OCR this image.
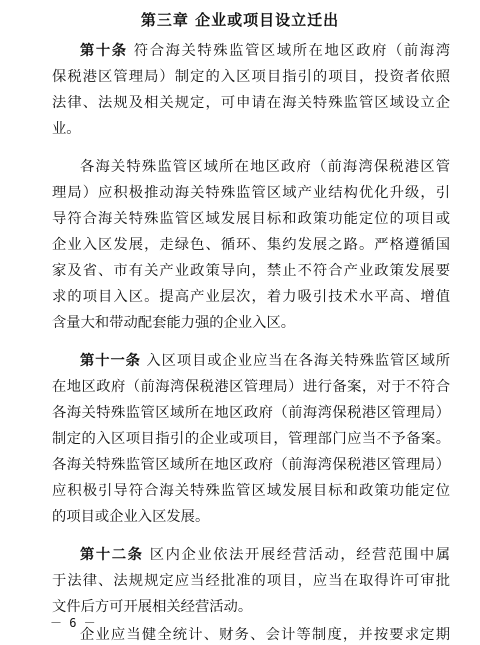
第三章 企业或项目设立迁出
第十条 符合海关特殊监管区域所在地区政府（前海湾
保税港区管理局）制定的入区项目指引的项目，投资者依照
法律、法规及相关规定，可申请在海关特殊监管区域设立企
业。
各海关特殊监管区域所在地区政府（前海湾保税港区管
理局）应积极推动海关特殊监管区域产业结构优化升级，引
导符合海关特殊监管区域发展目标和政策功能定位的项目或
企业入区发展，走绿色、循环、集约发展之路。严格遵循国
家及省、市有关产业政策导向，禁止不符合产业政策发展要
求的项目入区。提高产业层次，着力吸引技术水平高、增值
含量大和带动配套能力强的企业入区。
第十一条 入区项目或企业应当在各海关特殊监管区域所
在地区政府（前海湾保税港区管理局）进行备案，对于不符合
各海关特殊监管区域所在地区政府（前海湾保税港区管理局）
制定的入区项目指引的企业或项目，管理部门应当不予备案。
各海关特殊监管区域所在地区政府（前海湾保税港区管理局）
应积极引导符合海关特殊监管区域发展目标和政策功能定位
的项目或企业入区发展。
第十二条 区内企业依法开展经营活动，经营范围中属
于法律、法规规定应当经批准的项目，应当在取得许可审批
文件后方可开展相关经营活动。
企业应当健全统计、财务、会计等制度，并按要求定期
－ 6 －
